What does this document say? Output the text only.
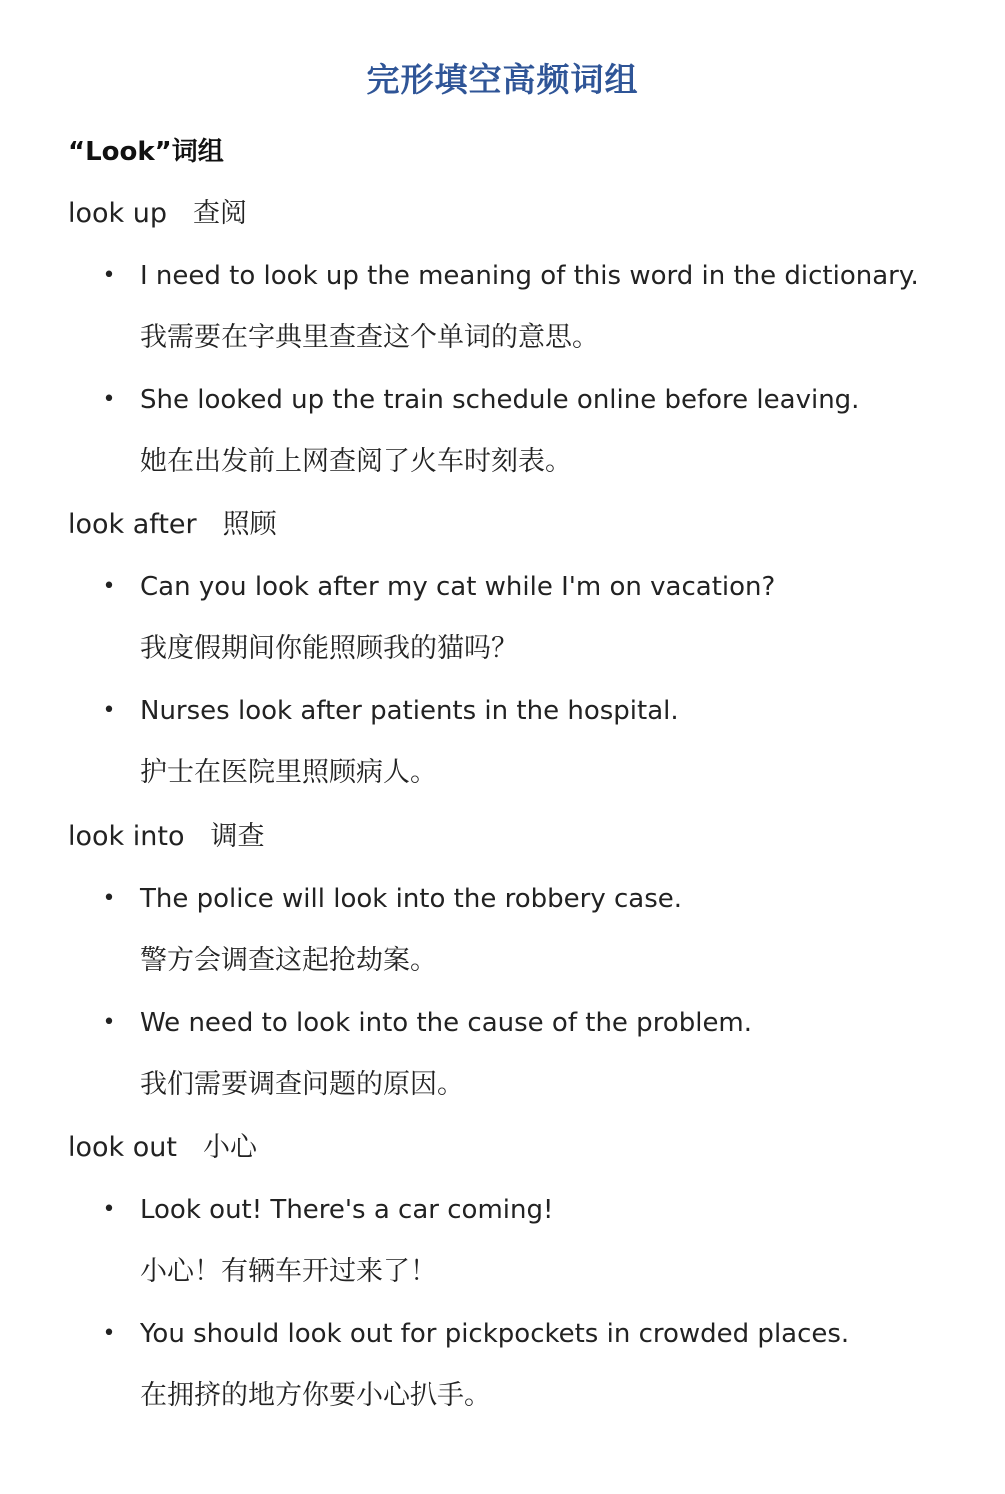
完形填空高频词组
“Look”词组
look up 查阅
• I need to look up the meaning of this word in the dictionary.
我需要在字典里查查这个单词的意思。
• She looked up the train schedule online before leaving.
她在出发前上网查阅了火车时刻表。
look after 照顾
• Can you look after my cat while I'm on vacation?
我度假期间你能照顾我的猫吗？
• Nurses look after patients in the hospital.
护士在医院里照顾病人。
look into 调查
• The police will look into the robbery case.
警方会调查这起抢劫案。
• We need to look into the cause of the problem.
我们需要调查问题的原因。
look out 小心
• Look out! There's a car coming!
小心！有辆车开过来了！
• You should look out for pickpockets in crowded places.
在拥挤的地方你要小心扒手。
